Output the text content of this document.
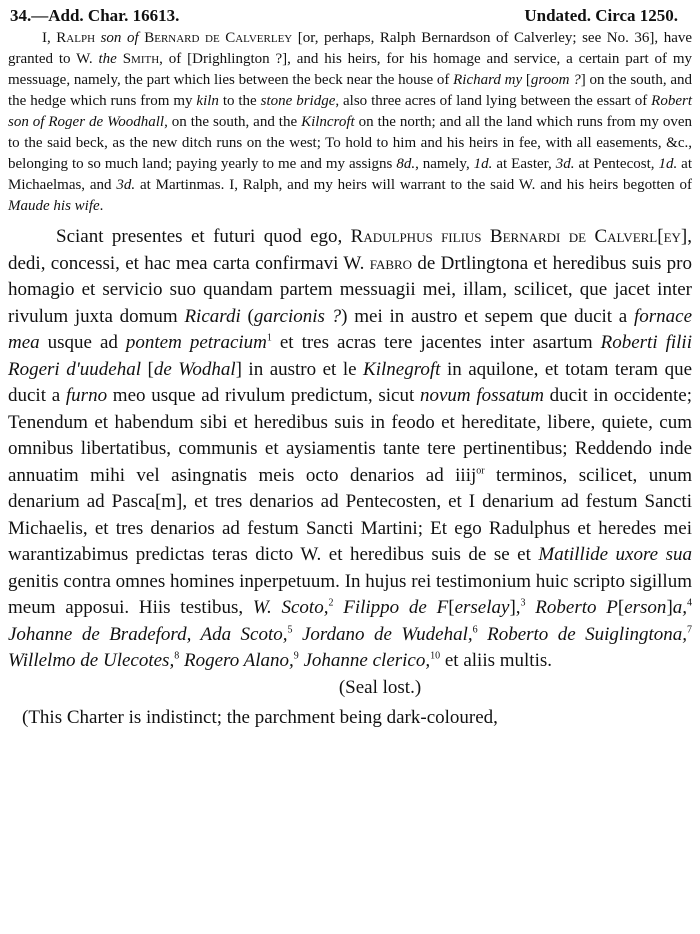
34.—Add. Char. 16613.	Undated. Circa 1250.

I, Ralph son of Bernard de Calverley [or, perhaps, Ralph Bernardson of Calverley; see No. 36], have granted to W. the Smith, of [Drighlington ?], and his heirs, for his homage and service, a certain part of my messuage, namely, the part which lies between the beck near the house of Richard my [groom ?] on the south, and the hedge which runs from my kiln to the stone bridge, also three acres of land lying between the essart of Robert son of Roger de Woodhall, on the south, and the Kilncroft on the north; and all the land which runs from my oven to the said beck, as the new ditch runs on the west; To hold to him and his heirs in fee, with all easements, &c., belonging to so much land; paying yearly to me and my assigns 8d., namely, 1d. at Easter, 3d. at Pentecost, 1d. at Michaelmas, and 3d. at Martinmas. I, Ralph, and my heirs will warrant to the said W. and his heirs begotten of Maude his wife.

Sciant presentes et futuri quod ego, Radulphus filius Bernardi de Calverl[ey], dedi, concessi, et hac mea carta confirmavi W. fabro de Drtlingtona et heredibus suis pro homagio et servicio suo quandam partem messuagii mei, illam, scilicet, que jacet inter rivulum juxta domum Ricardi (garcionis ?) mei in austro et sepem que ducit a fornace mea usque ad pontem petracium$^1$ et tres acras tere jacentes inter asartum Roberti filii Rogeri d'uudehal [de Wodhal] in austro et le Kilnegroft in aquilone, et totam teram que ducit a furno meo usque ad rivulum predictum, sicut novum fossatum ducit in occidente; Tenendum et habendum sibi et heredibus suis in feodo et hereditate, libere, quiete, cum omnibus libertatibus, communis et aysiamentis tante tere pertinentibus; Reddendo inde annuatim mihi vel asingnatis meis octo denarios ad iiij$^{or}$ terminos, scilicet, unum denarium ad Pasca[m], et tres denarios ad Pentecosten, et I denarium ad festum Sancti Michaelis, et tres denarios ad festum Sancti Martini; Et ego Radulphus et heredes mei warantizabimus predictas teras dicto W. et heredibus suis de se et Matillide uxore sua genitis contra omnes homines inperpetuum. In hujus rei testimonium huic scripto sigillum meum apposui. Hiis testibus, W. Scoto,$^2$ Filippo de F[erselay],$^3$ Roberto P[erson]a,$^4$ Johanne de Bradeford, Ada Scoto,$^5$ Jordano de Wudehal,$^6$ Roberto de Suiglingtona,$^7$ Willelmo de Ulecotes,$^8$ Rogero Alano,$^9$ Johanne clerico,$^{10}$ et aliis multis.
(Seal lost.)
(This Charter is indistinct; the parchment being dark-coloured,
